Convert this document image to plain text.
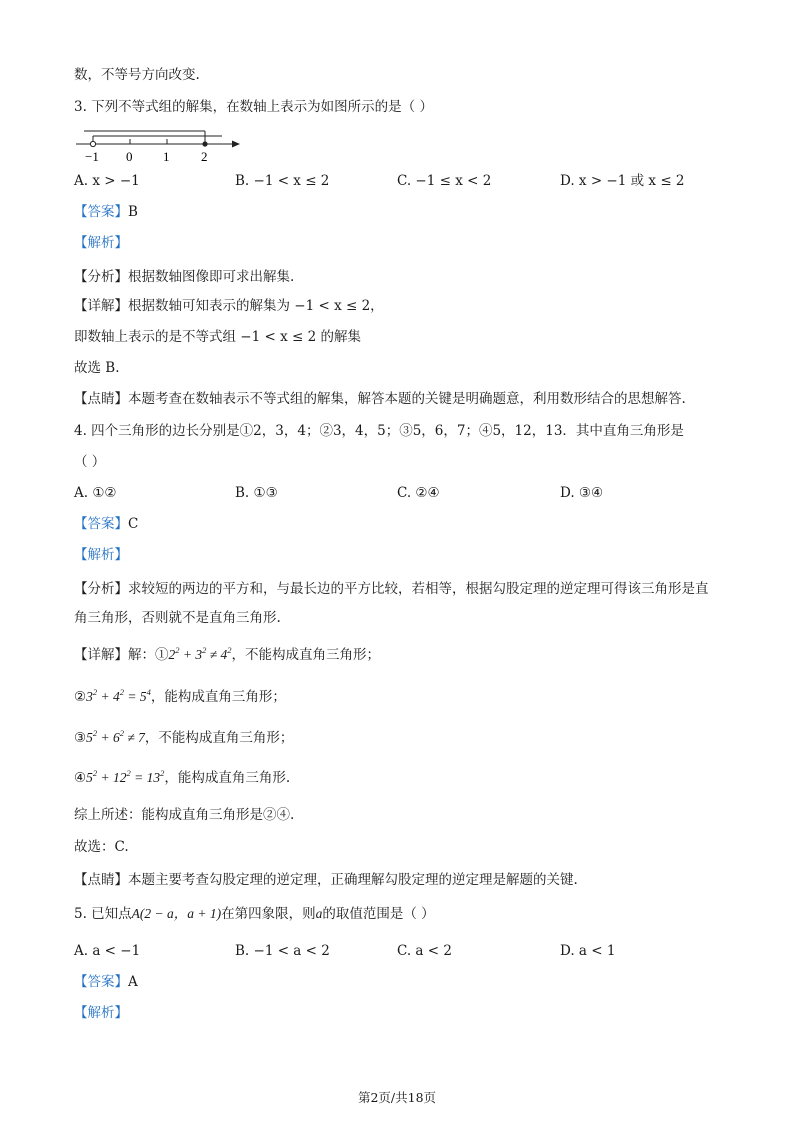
数，不等号方向改变.
3. 下列不等式组的解集，在数轴上表示为如图所示的是（ ）
−1 0 1 2
A. x > −1	B. −1 < x ≤ 2	C. −1 ≤ x < 2	D. x > −1 或 x ≤ 2
【答案】B
【解析】
【分析】根据数轴图像即可求出解集.
【详解】根据数轴可知表示的解集为 −1 < x ≤ 2，
即数轴上表示的是不等式组 −1 < x ≤ 2 的解集
故选 B.
【点睛】本题考查在数轴表示不等式组的解集，解答本题的关键是明确题意，利用数形结合的思想解答.
4. 四个三角形的边长分别是①2，3，4；②3，4，5；③5，6，7；④5，12，13．其中直角三角形是
（ ）
A. ①②	B. ①③	C. ②④	D. ③④
【答案】C
【解析】
【分析】求较短的两边的平方和，与最长边的平方比较，若相等，根据勾股定理的逆定理可得该三角形是直
角三角形，否则就不是直角三角形.
【详解】解：$①2^2 + 3^2 \ne 4^2$，不能构成直角三角形；
$②3^2 + 4^2 = 5^4$，能构成直角三角形；
$③5^2 + 6^2 \ne 7$，不能构成直角三角形；
$④5^2 + 12^2 = 13^2$，能构成直角三角形.
综上所述：能构成直角三角形是②④.
故选：C.
【点睛】本题主要考查勾股定理的逆定理，正确理解勾股定理的逆定理是解题的关键.
5. 已知点A(2 − a，a + 1)在第四象限，则a的取值范围是（ ）
A. a < −1	B. −1 < a < 2	C. a < 2	D. a < 1
【答案】A
【解析】
第2页/共18页
